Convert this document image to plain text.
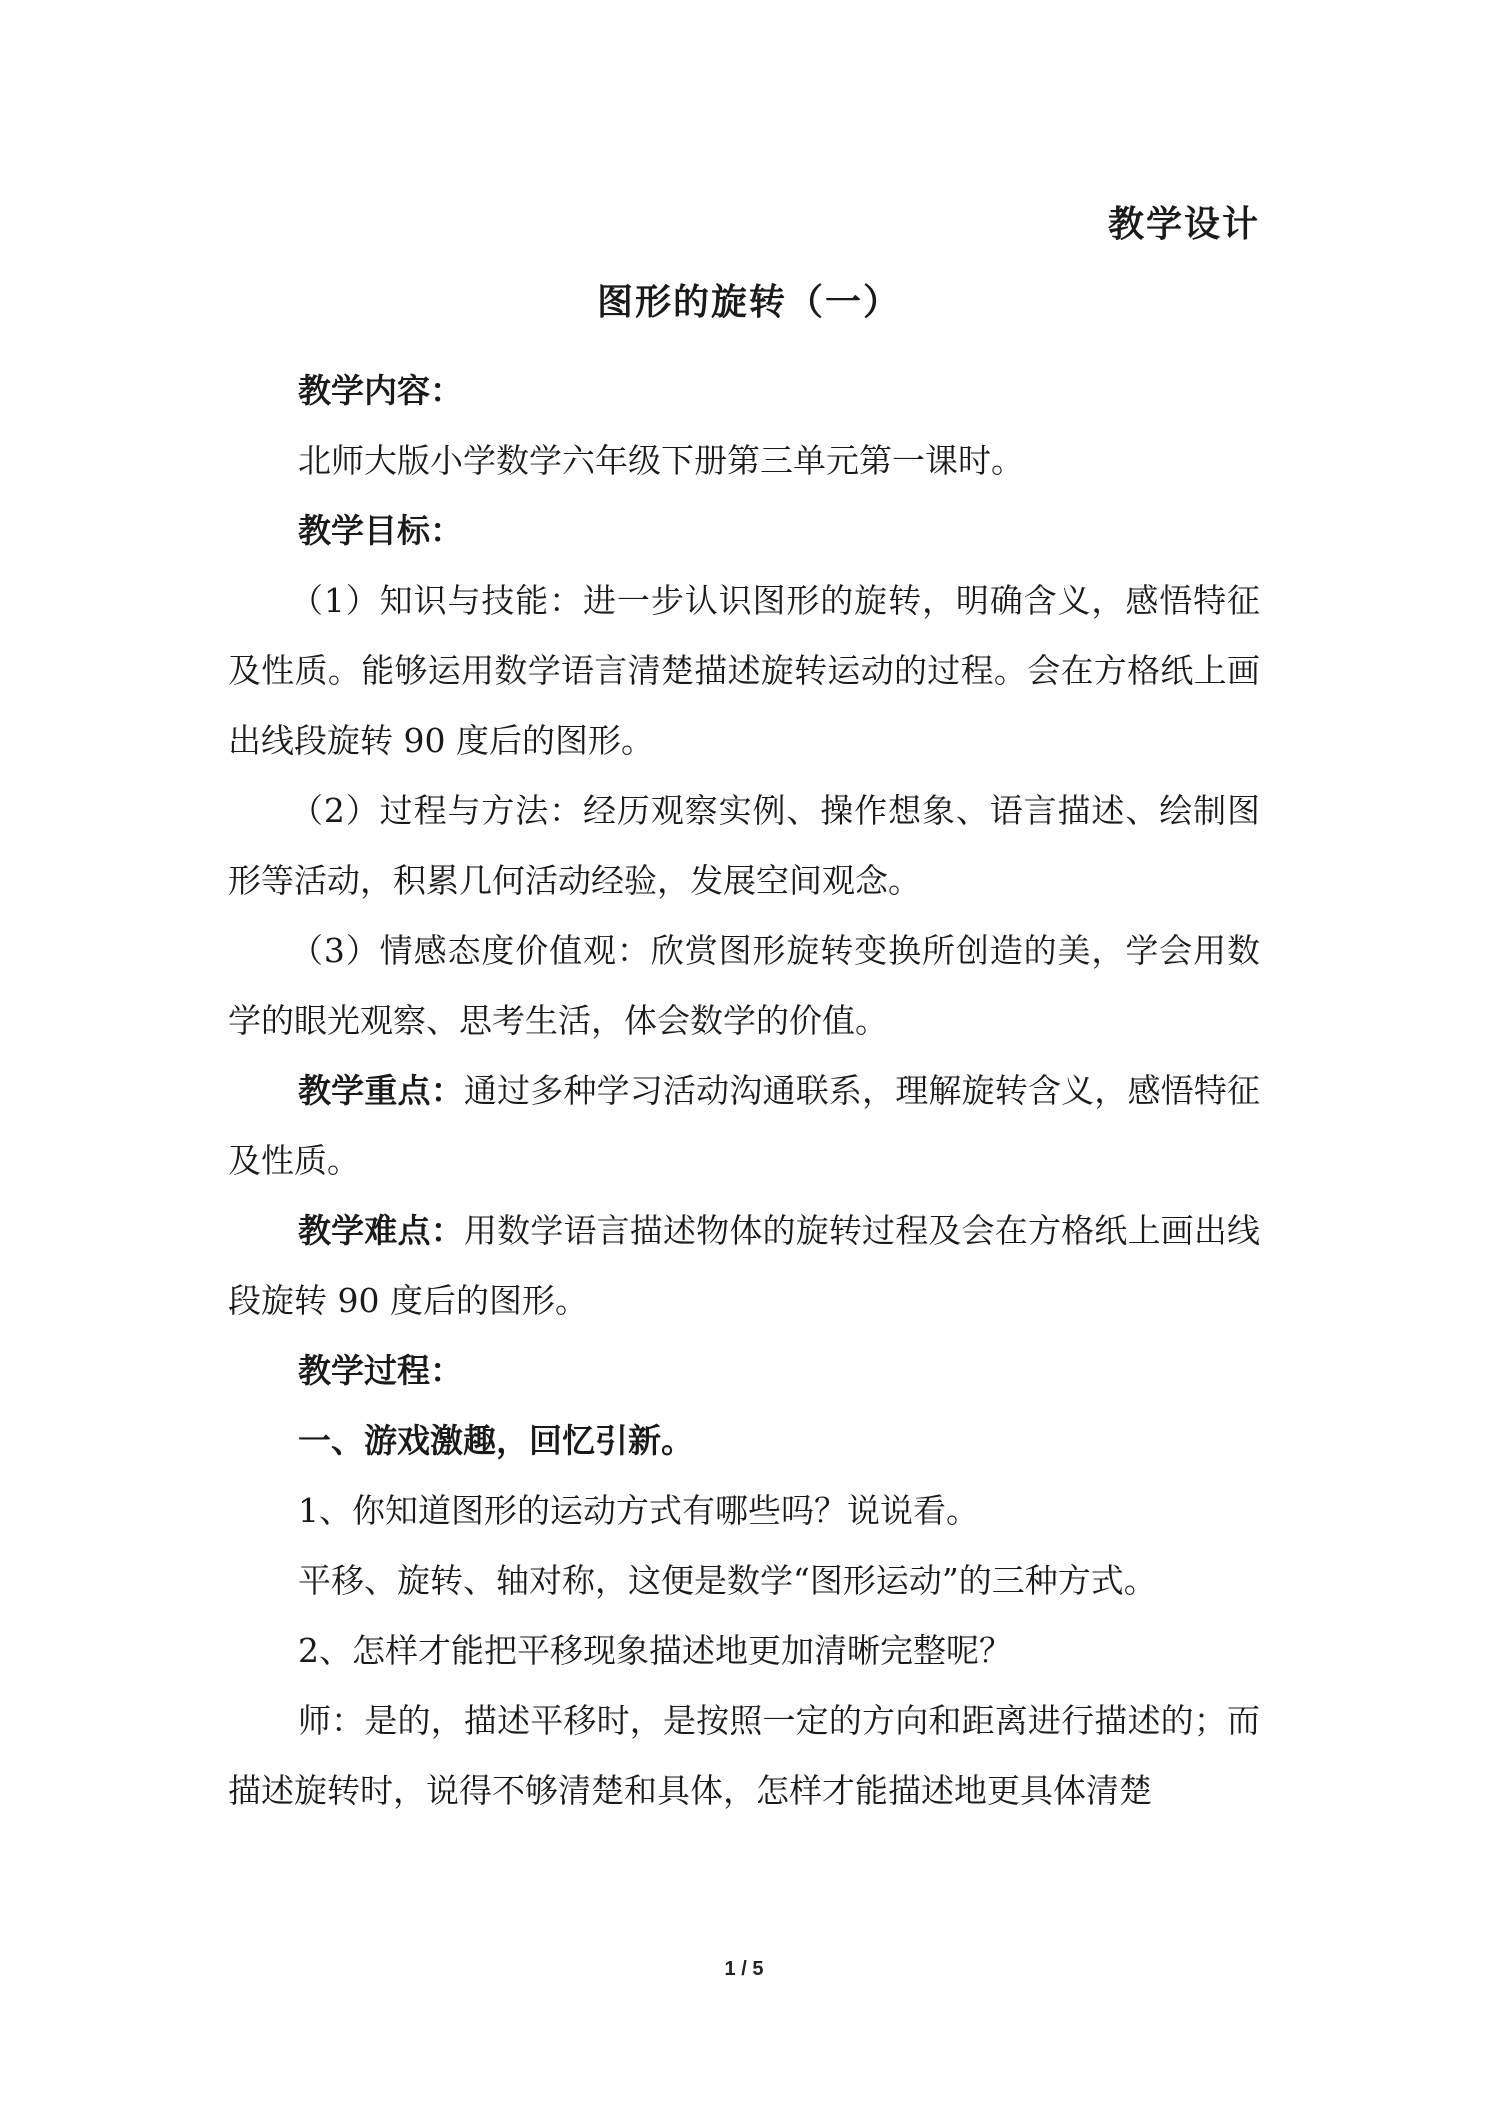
教学设计
图形的旋转（一）

教学内容：

北师大版小学数学六年级下册第三单元第一课时。

教学目标：

（1）知识与技能：进一步认识图形的旋转，明确含义，感悟特征及性质。能够运用数学语言清楚描述旋转运动的过程。会在方格纸上画出线段旋转 90 度后的图形。

（2）过程与方法：经历观察实例、操作想象、语言描述、绘制图形等活动，积累几何活动经验，发展空间观念。

（3）情感态度价值观：欣赏图形旋转变换所创造的美，学会用数学的眼光观察、思考生活，体会数学的价值。

教学重点：通过多种学习活动沟通联系，理解旋转含义，感悟特征及性质。

教学难点：用数学语言描述物体的旋转过程及会在方格纸上画出线段旋转 90 度后的图形。

教学过程：

一、游戏激趣，回忆引新。

1、你知道图形的运动方式有哪些吗？说说看。

平移、旋转、轴对称，这便是数学“图形运动”的三种方式。

2、怎样才能把平移现象描述地更加清晰完整呢？

师：是的，描述平移时，是按照一定的方向和距离进行描述的；而描述旋转时，说得不够清楚和具体，怎样才能描述地更具体清楚

1 / 5
